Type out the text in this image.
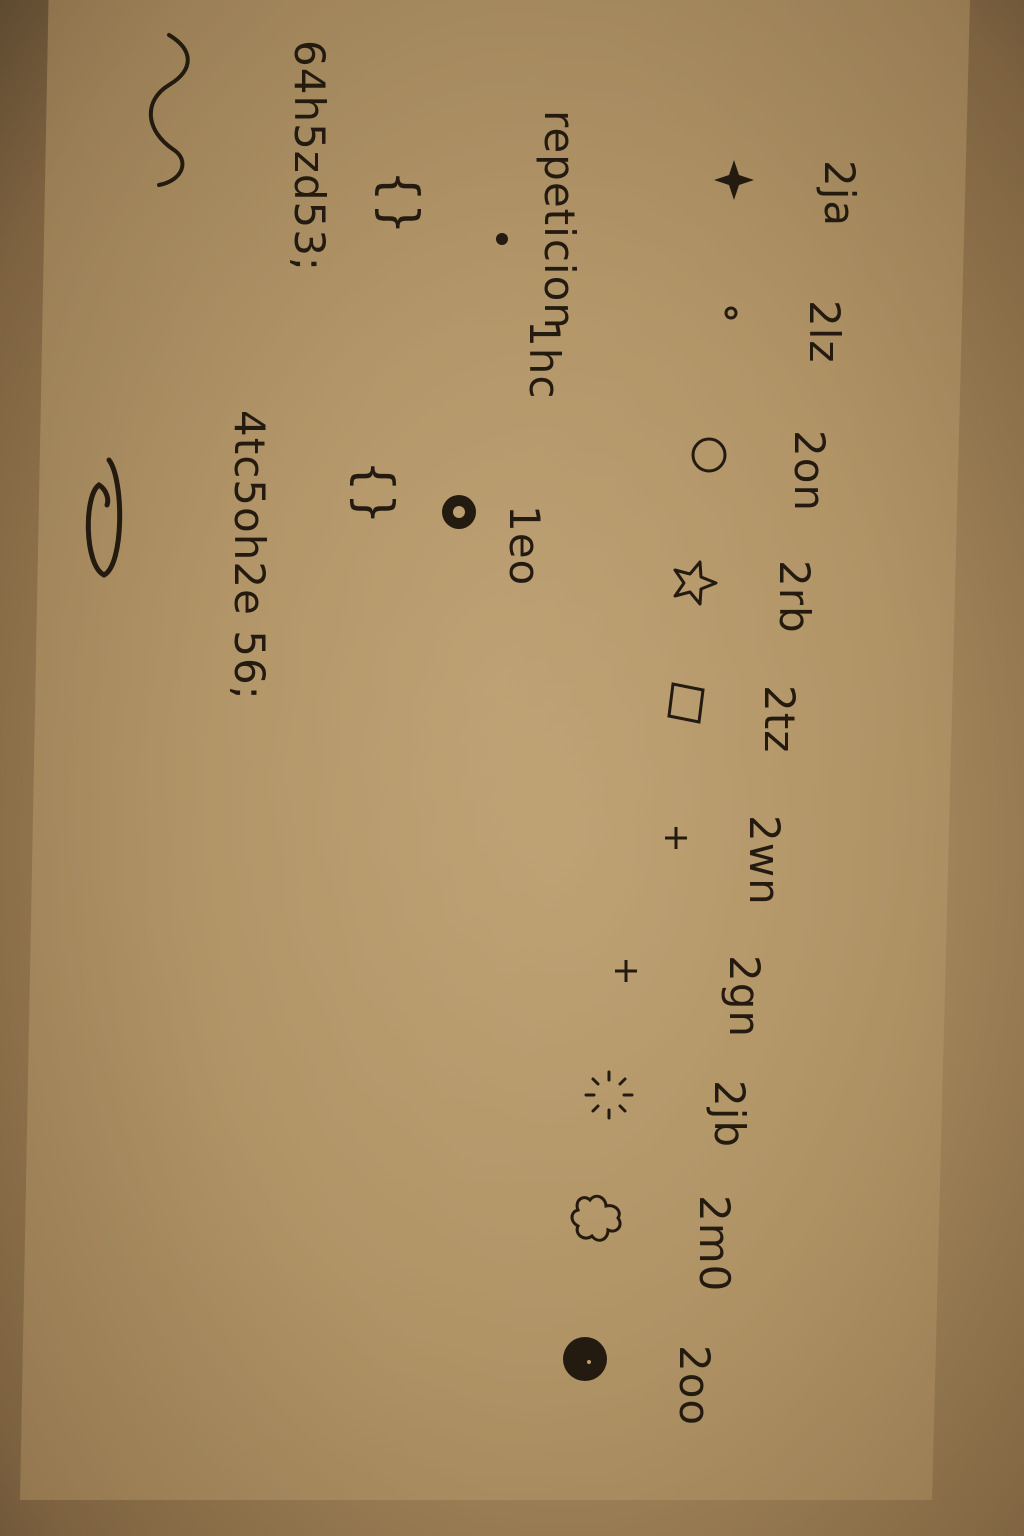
2ja
2lz
2on
2rb
2tz
2wn
2gn
2jb
2m0
2oo
repeticion
1hc
1eo
{}
{}
64h5zd53;
4tc5oh2e 56;
